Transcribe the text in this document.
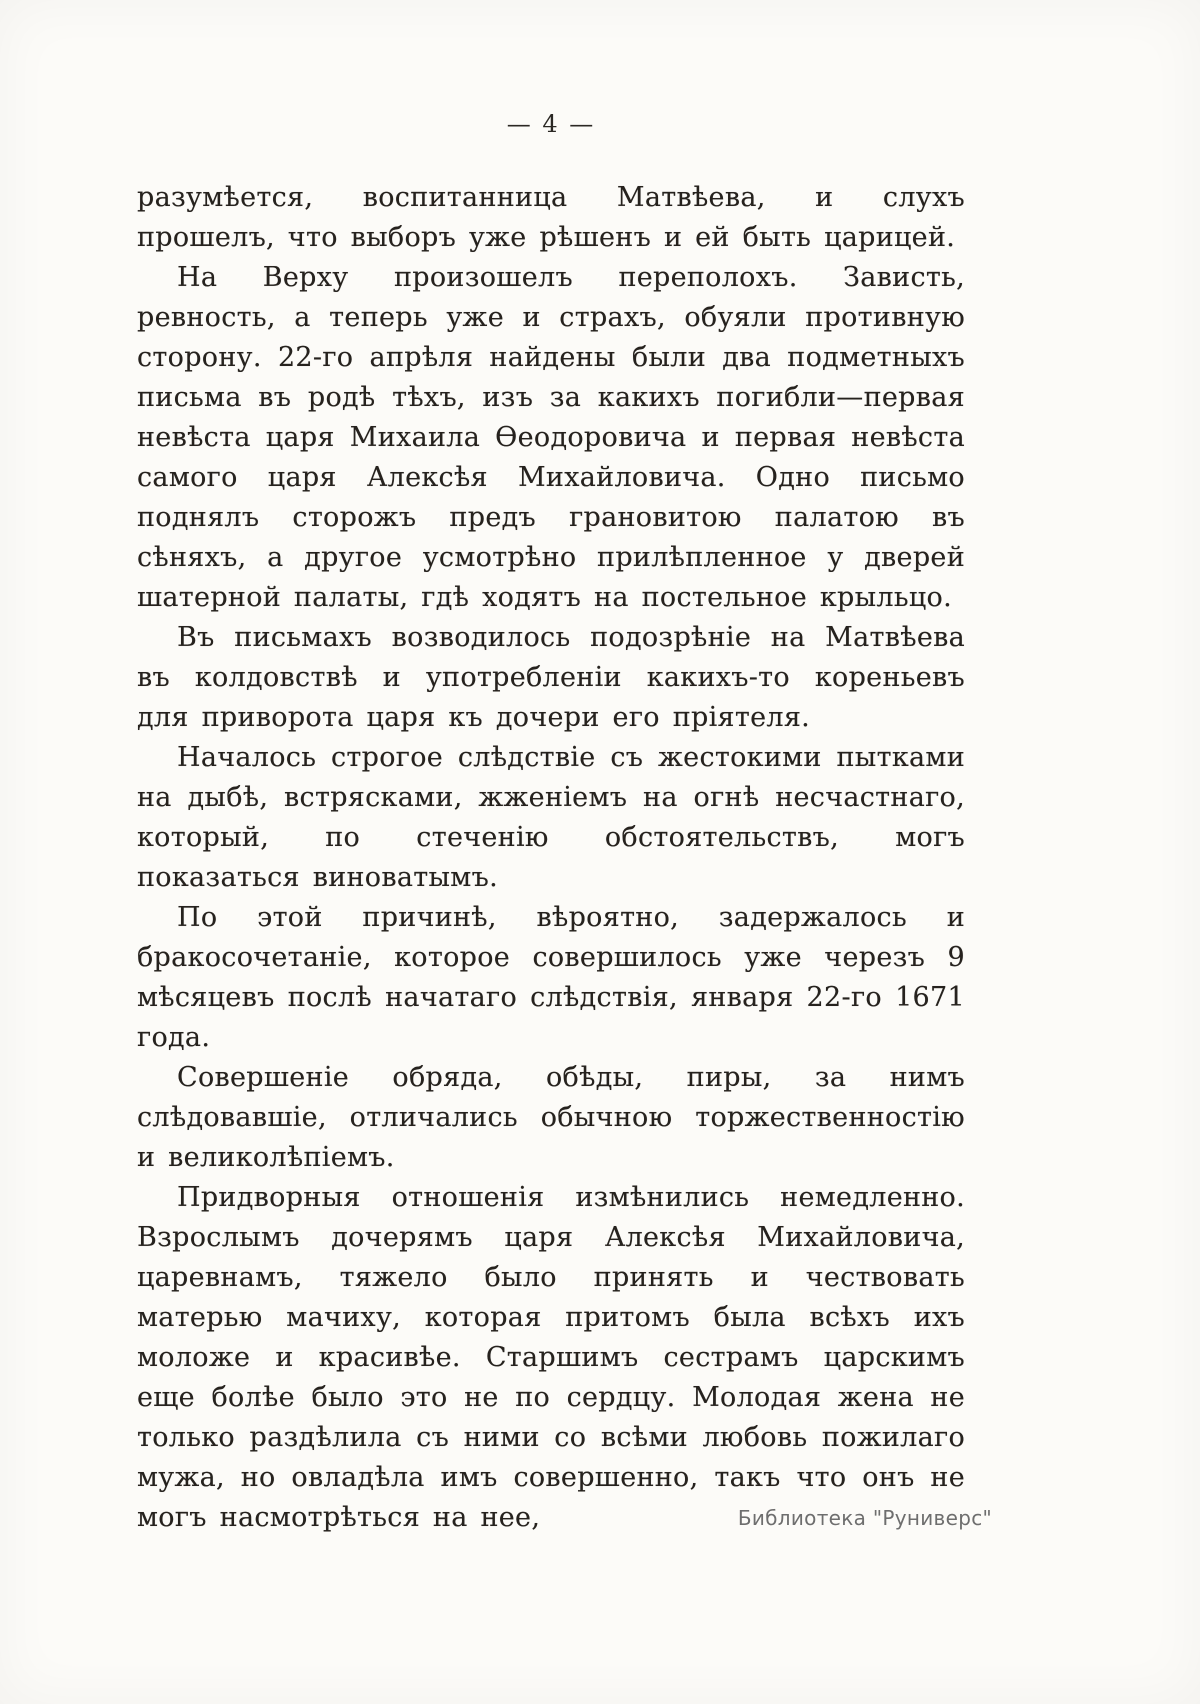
— 4 —

разумѣется, воспитанница Матвѣева, и слухъ прошелъ, что выборъ уже рѣшенъ и ей быть царицей.

На Верху произошелъ переполохъ. Зависть, ревность, а теперь уже и страхъ, обуяли противную сторону. 22-го апрѣля найдены были два подметныхъ письма въ родѣ тѣхъ, изъ за какихъ погибли—первая невѣста царя Михаила Ѳеодоровича и первая невѣста самого царя Алексѣя Михайловича. Одно письмо поднялъ сторожъ предъ грановитою палатою въ сѣняхъ, а другое усмотрѣно прилѣпленное у дверей шатерной палаты, гдѣ ходятъ на постельное крыльцо.

Въ письмахъ возводилось подозрѣніе на Матвѣева въ колдовствѣ и употребленіи какихъ-то кореньевъ для приворота царя къ дочери его пріятеля.

Началось строгое слѣдствіе съ жестокими пытками на дыбѣ, встрясками, жженіемъ на огнѣ несчастнаго, который, по стеченію обстоятельствъ, могъ показаться виноватымъ.

По этой причинѣ, вѣроятно, задержалось и бракосочетаніе, которое совершилось уже черезъ 9 мѣсяцевъ послѣ начатаго слѣдствія, января 22-го 1671 года.

Совершеніе обряда, обѣды, пиры, за нимъ слѣдовавшіе, отличались обычною торжественностію и великолѣпіемъ.

Придворныя отношенія измѣнились немедленно. Взрослымъ дочерямъ царя Алексѣя Михайловича, царевнамъ, тяжело было принять и чествовать матерью мачиху, которая притомъ была всѣхъ ихъ моложе и красивѣе. Старшимъ сестрамъ царскимъ еще болѣе было это не по сердцу. Молодая жена не только раздѣлила съ ними со всѣми любовь пожилаго мужа, но овладѣла имъ совершенно, такъ что онъ не могъ насмотрѣться на нее,	Библиотека "Руниверс"
